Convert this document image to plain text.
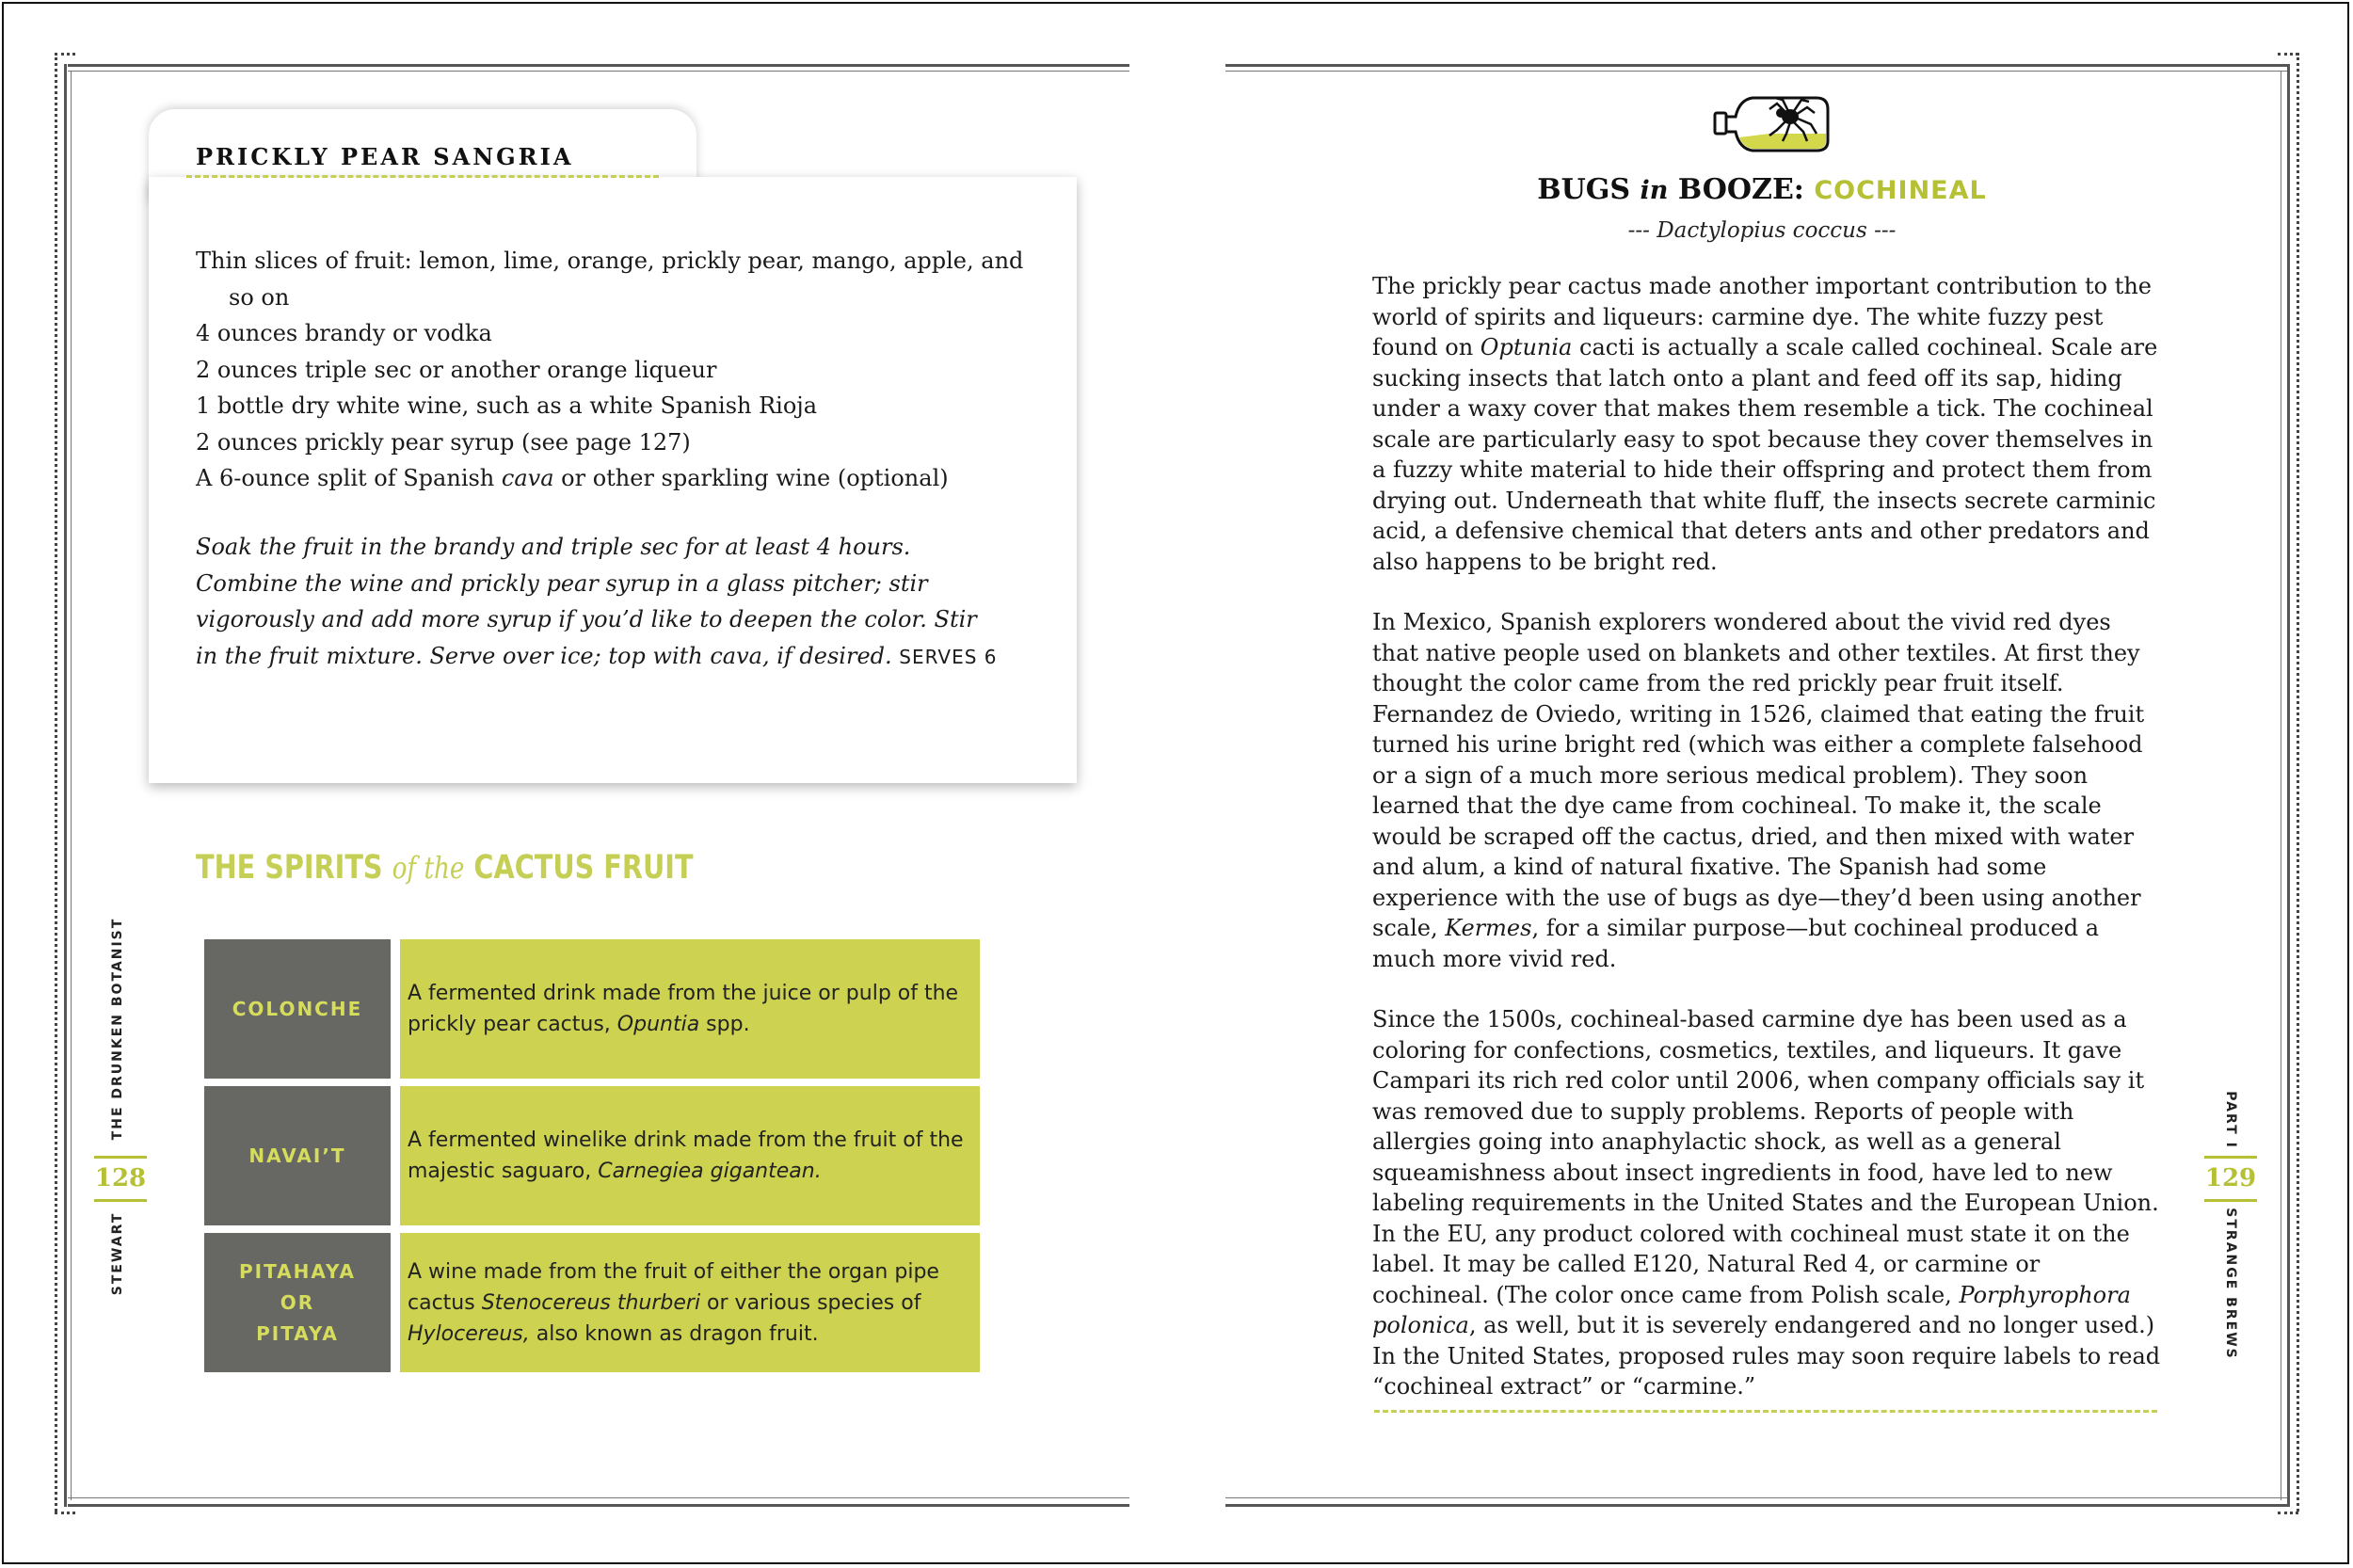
PRICKLY PEAR SANGRIA
Thin slices of fruit: lemon, lime, orange, prickly pear, mango, apple, and so on
4 ounces brandy or vodka
2 ounces triple sec or another orange liqueur
1 bottle dry white wine, such as a white Spanish Rioja
2 ounces prickly pear syrup (see page 127)
A 6-ounce split of Spanish cava or other sparkling wine (optional)
Soak the fruit in the brandy and triple sec for at least 4 hours. Combine the wine and prickly pear syrup in a glass pitcher; stir vigorously and add more syrup if you’d like to deepen the color. Stir in the fruit mixture. Serve over ice; top with cava, if desired. SERVES 6
THE SPIRITS of the CACTUS FRUIT
COLONCHE
A fermented drink made from the juice or pulp of the prickly pear cactus, Opuntia spp.
NAVAI’T
A fermented winelike drink made from the fruit of the majestic saguaro, Carnegiea gigantean.
PITAHAYA OR PITAYA
A wine made from the fruit of either the organ pipe cactus Stenocereus thurberi or various species of Hylocereus, also known as dragon fruit.
THE DRUNKEN BOTANIST
128
STEWART
PART I
129
STRANGE BREWS
BUGS in BOOZE: COCHINEAL
--- Dactylopius coccus ---

The prickly pear cactus made another important contribution to the world of spirits and liqueurs: carmine dye. The white fuzzy pest found on Optunia cacti is actually a scale called cochineal. Scale are sucking insects that latch onto a plant and feed off its sap, hiding under a waxy cover that makes them resemble a tick. The cochineal scale are particularly easy to spot because they cover themselves in a fuzzy white material to hide their offspring and protect them from drying out. Underneath that white fluff, the insects secrete carminic acid, a defensive chemical that deters ants and other predators and also happens to be bright red.

In Mexico, Spanish explorers wondered about the vivid red dyes that native people used on blankets and other textiles. At first they thought the color came from the red prickly pear fruit itself. Fernandez de Oviedo, writing in 1526, claimed that eating the fruit turned his urine bright red (which was either a complete falsehood or a sign of a much more serious medical problem). They soon learned that the dye came from cochineal. To make it, the scale would be scraped off the cactus, dried, and then mixed with water and alum, a kind of natural fixative. The Spanish had some experience with the use of bugs as dye—they’d been using another scale, Kermes, for a similar purpose—but cochineal produced a much more vivid red.

Since the 1500s, cochineal-based carmine dye has been used as a coloring for confections, cosmetics, textiles, and liqueurs. It gave Campari its rich red color until 2006, when company officials say it was removed due to supply problems. Reports of people with allergies going into anaphylactic shock, as well as a general squeamishness about insect ingredients in food, have led to new labeling requirements in the United States and the European Union. In the EU, any product colored with cochineal must state it on the label. It may be called E120, Natural Red 4, or carmine or cochineal. (The color once came from Polish scale, Porphyrophora polonica, as well, but it is severely endangered and no longer used.) In the United States, proposed rules may soon require labels to read “cochineal extract” or “carmine.”
